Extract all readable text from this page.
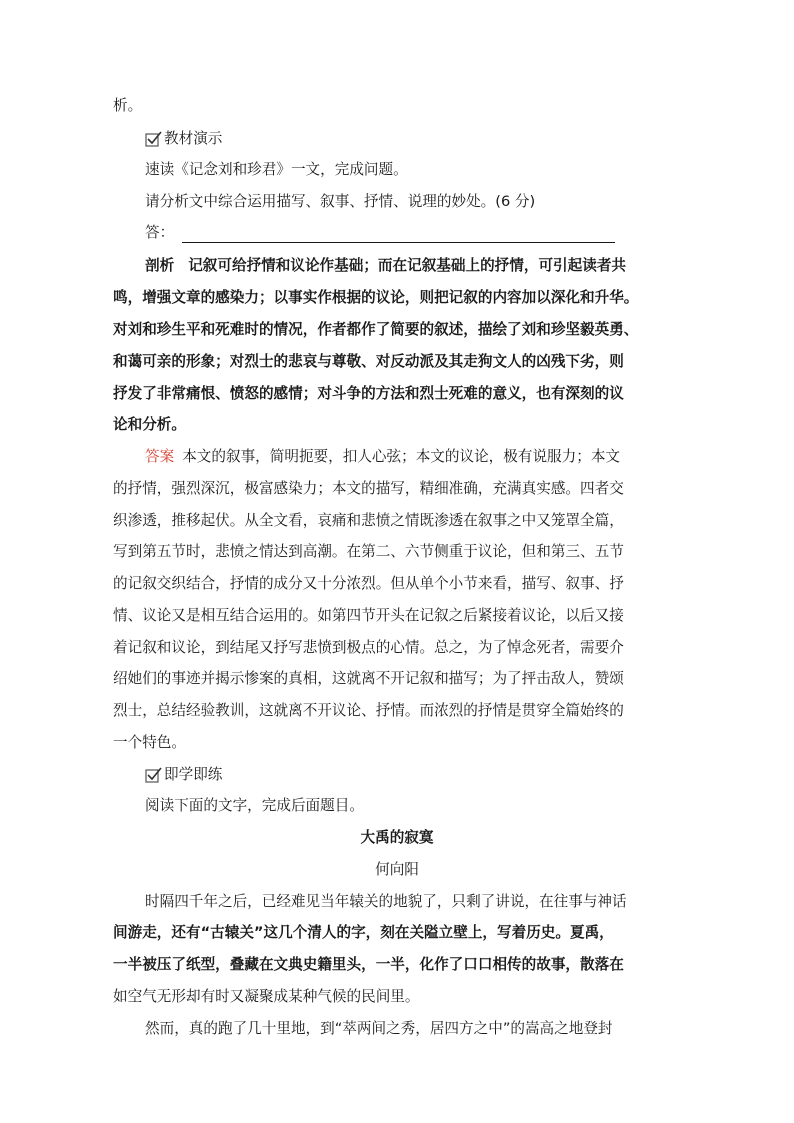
析。
教材演示
速读《记念刘和珍君》一文，完成问题。
请分析文中综合运用描写、叙事、抒情、说理的妙处。(6 分)
答：
剖析 记叙可给抒情和议论作基础；而在记叙基础上的抒情，可引起读者共
鸣，增强文章的感染力；以事实作根据的议论，则把记叙的内容加以深化和升华。
对刘和珍生平和死难时的情况，作者都作了简要的叙述，描绘了刘和珍坚毅英勇、
和蔼可亲的形象；对烈士的悲哀与尊敬、对反动派及其走狗文人的凶残下劣，则
抒发了非常痛恨、愤怒的感情；对斗争的方法和烈士死难的意义，也有深刻的议
论和分析。
答案 本文的叙事，简明扼要，扣人心弦；本文的议论，极有说服力；本文
的抒情，强烈深沉，极富感染力；本文的描写，精细准确，充满真实感。四者交
织渗透，推移起伏。从全文看，哀痛和悲愤之情既渗透在叙事之中又笼罩全篇，
写到第五节时，悲愤之情达到高潮。在第二、六节侧重于议论，但和第三、五节
的记叙交织结合，抒情的成分又十分浓烈。但从单个小节来看，描写、叙事、抒
情、议论又是相互结合运用的。如第四节开头在记叙之后紧接着议论，以后又接
着记叙和议论，到结尾又抒写悲愤到极点的心情。总之，为了悼念死者，需要介
绍她们的事迹并揭示惨案的真相，这就离不开记叙和描写；为了抨击敌人，赞颂
烈士，总结经验教训，这就离不开议论、抒情。而浓烈的抒情是贯穿全篇始终的
一个特色。
即学即练
阅读下面的文字，完成后面题目。
大禹的寂寞
何向阳
时隔四千年之后，已经难见当年辕关的地貌了，只剩了讲说，在往事与神话
间游走，还有“古辕关”这几个清人的字，刻在关隘立壁上，写着历史。夏禹，
一半被压了纸型，叠藏在文典史籍里头，一半，化作了口口相传的故事，散落在
如空气无形却有时又凝聚成某种气候的民间里。
然而，真的跑了几十里地，到“萃两间之秀，居四方之中”的嵩高之地登封
